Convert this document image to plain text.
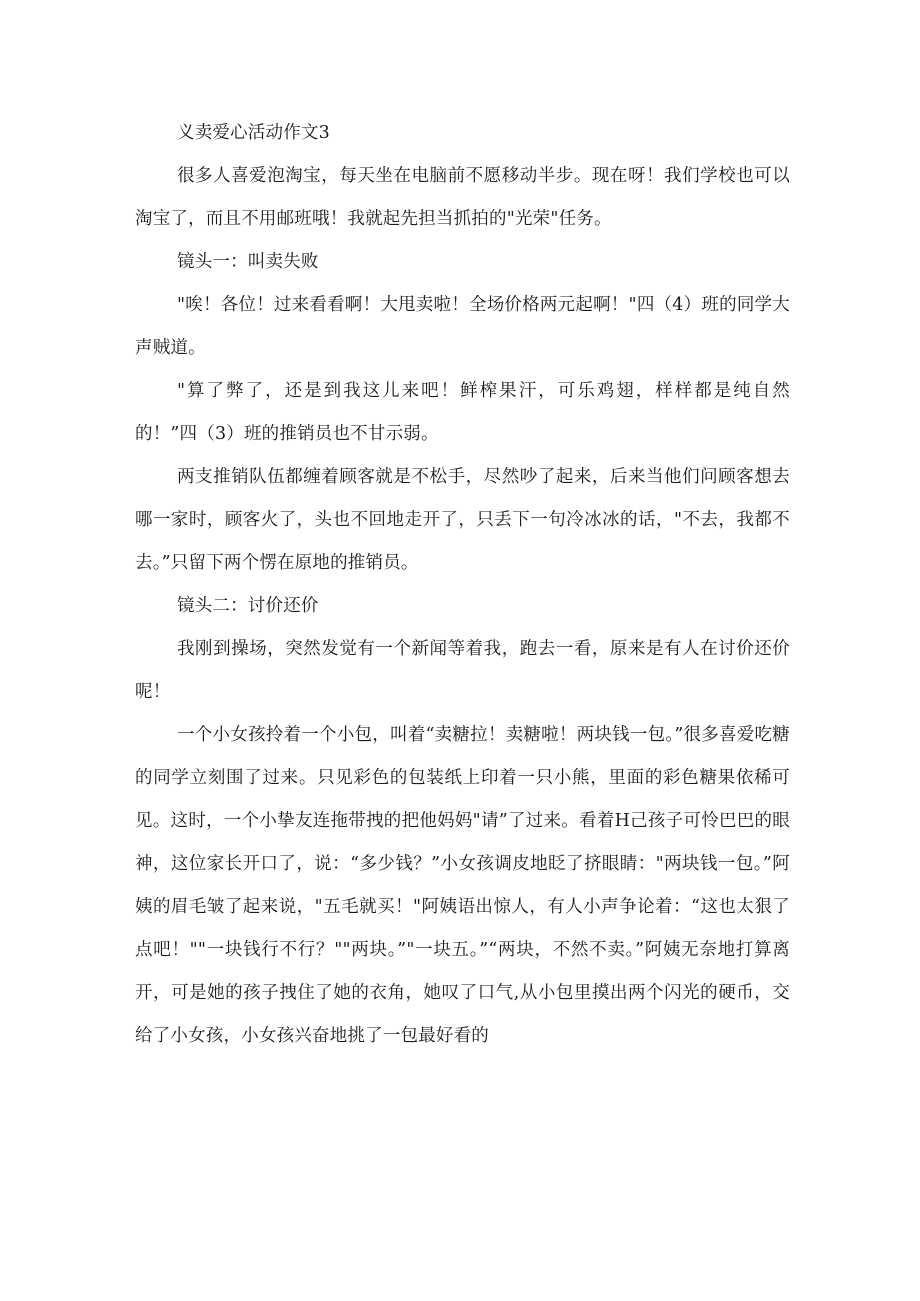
义卖爱心活动作文3

很多人喜爱泡淘宝，每天坐在电脑前不愿移动半步。现在呀！我们学校也可以淘宝了，而且不用邮班哦！我就起先担当抓拍的"光荣"任务。

镜头一：叫卖失败

"唉！各位！过来看看啊！大甩卖啦！全场价格两元起啊！"四（4）班的同学大声贼道。

"算了弊了，还是到我这儿来吧！鲜榨果汗，可乐鸡翅，样样都是纯自然的！”四（3）班的推销员也不甘示弱。

两支推销队伍都缠着顾客就是不松手，尽然吵了起来，后来当他们问顾客想去哪一家时，顾客火了，头也不回地走开了，只丢下一句冷冰冰的话，"不去，我都不去。”只留下两个愣在原地的推销员。

镜头二：讨价还价

我刚到操场，突然发觉有一个新闻等着我，跑去一看，原来是有人在讨价还价呢！

一个小女孩拎着一个小包，叫着“卖糖拉！卖糖啦！两块钱一包。”很多喜爱吃糖的同学立刻围了过来。只见彩色的包装纸上印着一只小熊，里面的彩色糖果依稀可见。这时，一个小挚友连拖带拽的把他妈妈"请”了过来。看着H己孩子可怜巴巴的眼神，这位家长开口了，说：“多少钱？”小女孩调皮地眨了挤眼睛："两块钱一包。”阿姨的眉毛皱了起来说，"五毛就买！"阿姨语出惊人，有人小声争论着：“这也太狠了点吧！""一块钱行不行？""两块。”"一块五。”“两块，不然不卖。”阿姨无奈地打算离开，可是她的孩子拽住了她的衣角，她叹了口气,从小包里摸出两个闪光的硬币，交给了小女孩，小女孩兴奋地挑了一包最好看的
